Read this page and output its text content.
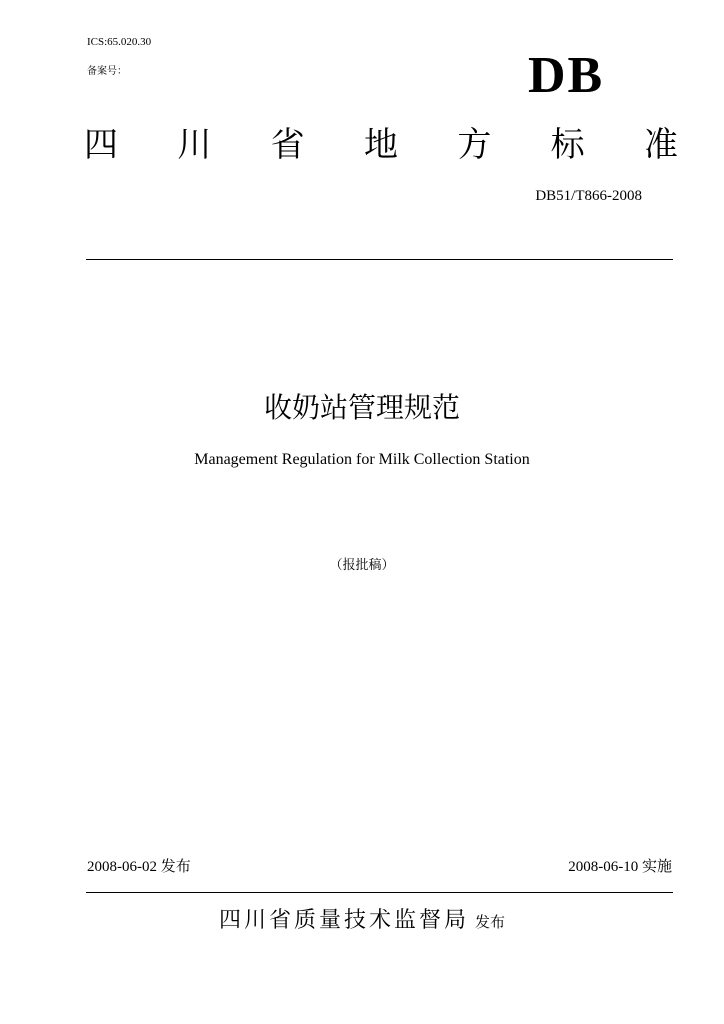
ICS:65.020.30
备案号：	DB
四 川 省 地 方 标 准
DB51/T866-2008
收奶站管理规范
Management Regulation for Milk Collection Station
（报批稿）
2008-06-02 发布	2008-06-10 实施
四川省质量技术监督局 发布
